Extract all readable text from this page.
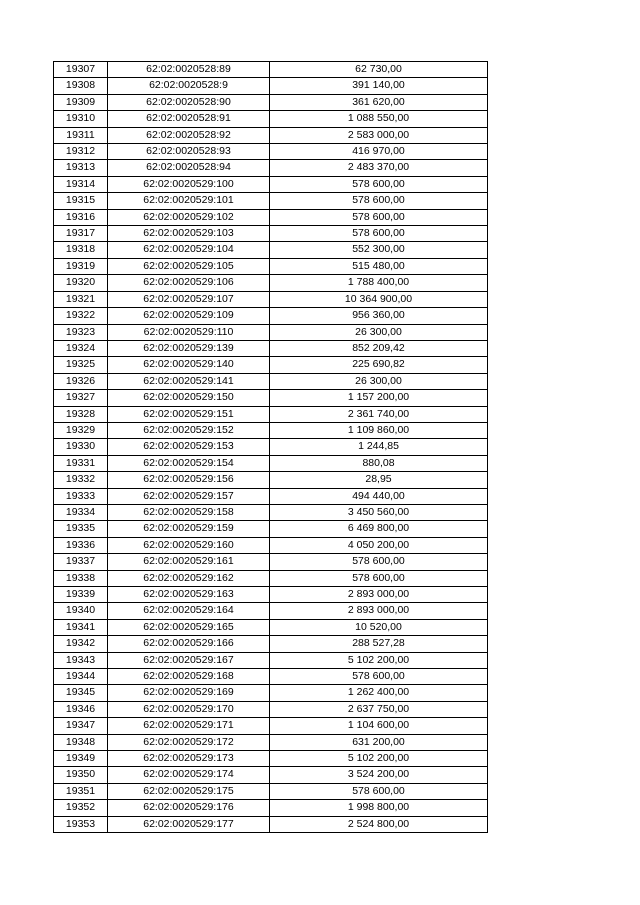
19307	62:02:0020528:89	62 730,00
19308	62:02:0020528:9	391 140,00
19309	62:02:0020528:90	361 620,00
19310	62:02:0020528:91	1 088 550,00
19311	62:02:0020528:92	2 583 000,00
19312	62:02:0020528:93	416 970,00
19313	62:02:0020528:94	2 483 370,00
19314	62:02:0020529:100	578 600,00
19315	62:02:0020529:101	578 600,00
19316	62:02:0020529:102	578 600,00
19317	62:02:0020529:103	578 600,00
19318	62:02:0020529:104	552 300,00
19319	62:02:0020529:105	515 480,00
19320	62:02:0020529:106	1 788 400,00
19321	62:02:0020529:107	10 364 900,00
19322	62:02:0020529:109	956 360,00
19323	62:02:0020529:110	26 300,00
19324	62:02:0020529:139	852 209,42
19325	62:02:0020529:140	225 690,82
19326	62:02:0020529:141	26 300,00
19327	62:02:0020529:150	1 157 200,00
19328	62:02:0020529:151	2 361 740,00
19329	62:02:0020529:152	1 109 860,00
19330	62:02:0020529:153	1 244,85
19331	62:02:0020529:154	880,08
19332	62:02:0020529:156	28,95
19333	62:02:0020529:157	494 440,00
19334	62:02:0020529:158	3 450 560,00
19335	62:02:0020529:159	6 469 800,00
19336	62:02:0020529:160	4 050 200,00
19337	62:02:0020529:161	578 600,00
19338	62:02:0020529:162	578 600,00
19339	62:02:0020529:163	2 893 000,00
19340	62:02:0020529:164	2 893 000,00
19341	62:02:0020529:165	10 520,00
19342	62:02:0020529:166	288 527,28
19343	62:02:0020529:167	5 102 200,00
19344	62:02:0020529:168	578 600,00
19345	62:02:0020529:169	1 262 400,00
19346	62:02:0020529:170	2 637 750,00
19347	62:02:0020529:171	1 104 600,00
19348	62:02:0020529:172	631 200,00
19349	62:02:0020529:173	5 102 200,00
19350	62:02:0020529:174	3 524 200,00
19351	62:02:0020529:175	578 600,00
19352	62:02:0020529:176	1 998 800,00
19353	62:02:0020529:177	2 524 800,00
